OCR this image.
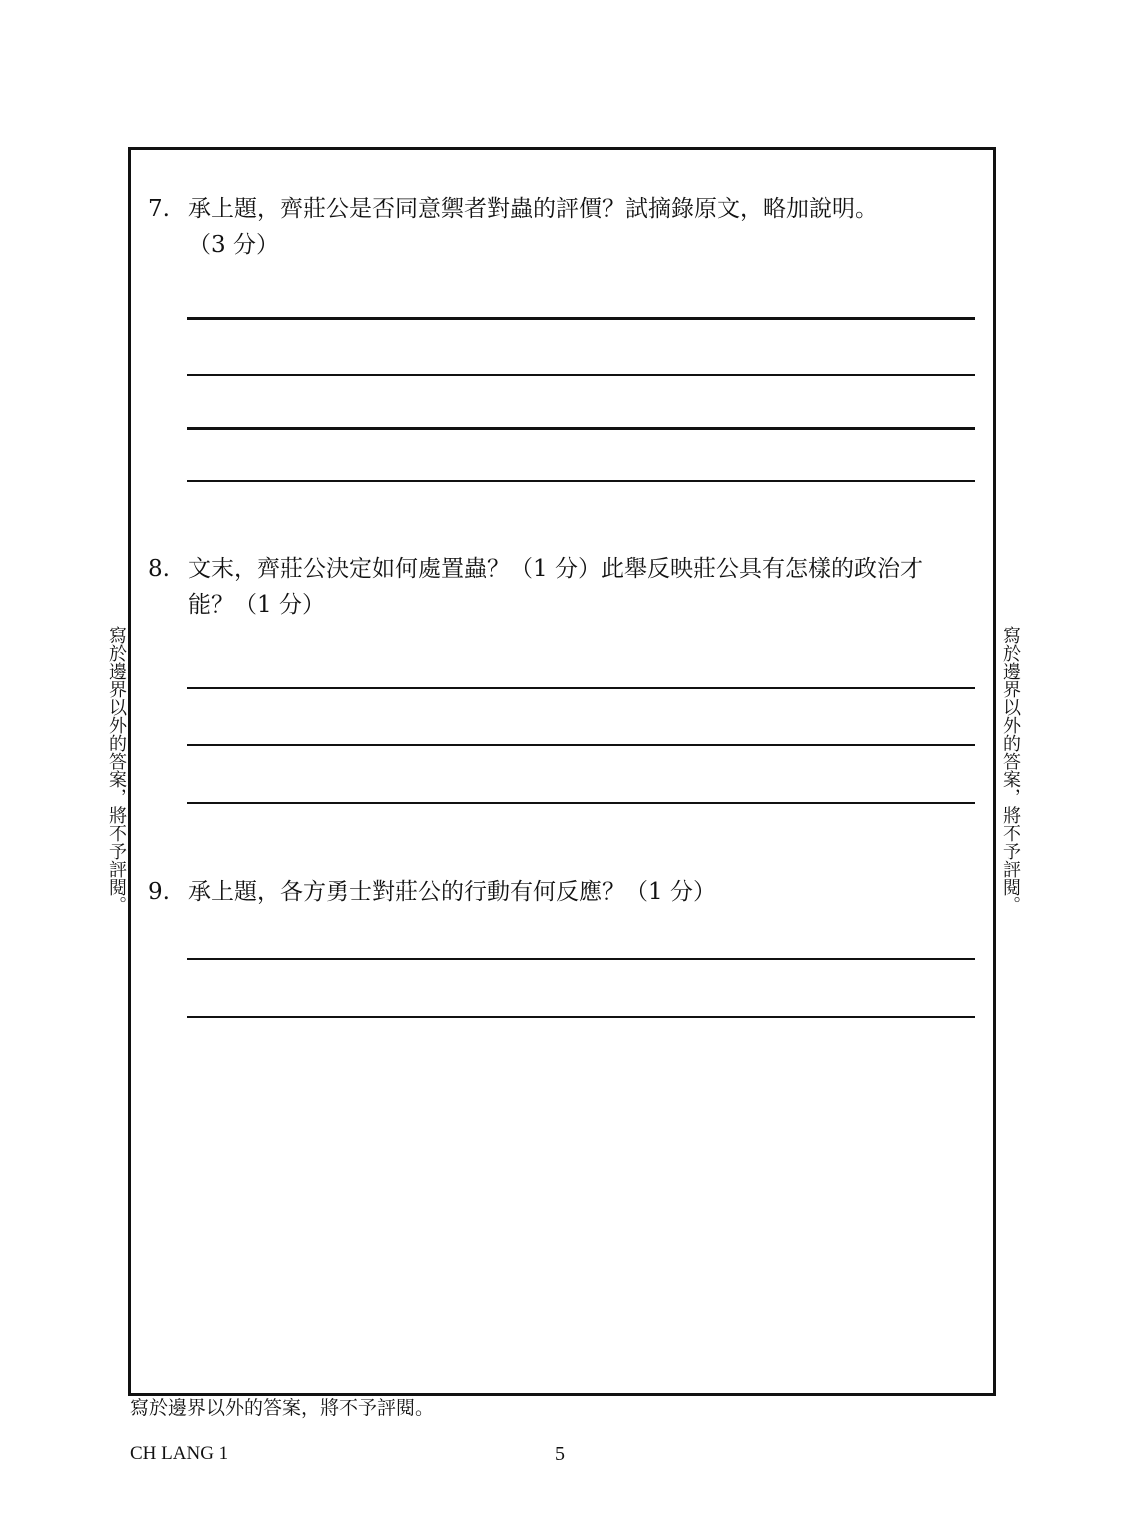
7. 承上題，齊莊公是否同意禦者對蟲的評價？試摘錄原文，略加說明。
（3 分）
8. 文末，齊莊公決定如何處置蟲？（1 分）此舉反映莊公具有怎樣的政治才
能？（1 分）
9. 承上題，各方勇士對莊公的行動有何反應？（1 分）
寫於邊界以外的答案，將不予評閱。	寫於邊界以外的答案，將不予評閱。
寫於邊界以外的答案，將不予評閱。
CH LANG 1	5
